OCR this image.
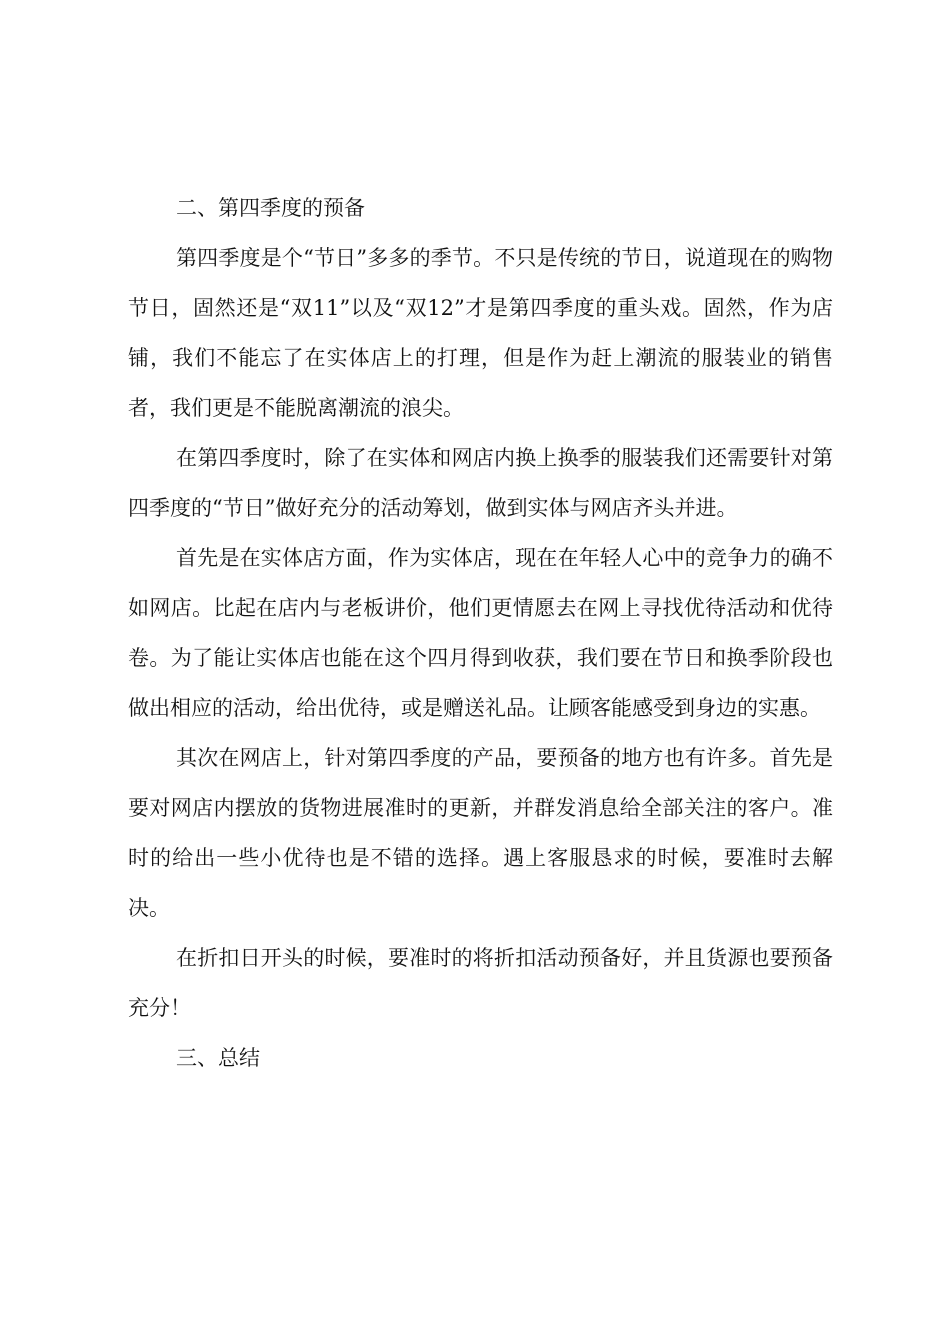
二、第四季度的预备

第四季度是个“节日”多多的季节。不只是传统的节日，说道现在的购物节日，固然还是“双11”以及“双12”才是第四季度的重头戏。固然，作为店铺，我们不能忘了在实体店上的打理，但是作为赶上潮流的服装业的销售者，我们更是不能脱离潮流的浪尖。

在第四季度时，除了在实体和网店内换上换季的服装我们还需要针对第四季度的“节日”做好充分的活动筹划，做到实体与网店齐头并进。

首先是在实体店方面，作为实体店，现在在年轻人心中的竞争力的确不如网店。比起在店内与老板讲价，他们更情愿去在网上寻找优待活动和优待卷。为了能让实体店也能在这个四月得到收获，我们要在节日和换季阶段也做出相应的活动，给出优待，或是赠送礼品。让顾客能感受到身边的实惠。

其次在网店上，针对第四季度的产品，要预备的地方也有许多。首先是要对网店内摆放的货物进展准时的更新，并群发消息给全部关注的客户。准时的给出一些小优待也是不错的选择。遇上客服恳求的时候，要准时去解决。

在折扣日开头的时候，要准时的将折扣活动预备好，并且货源也要预备充分！

三、总结
